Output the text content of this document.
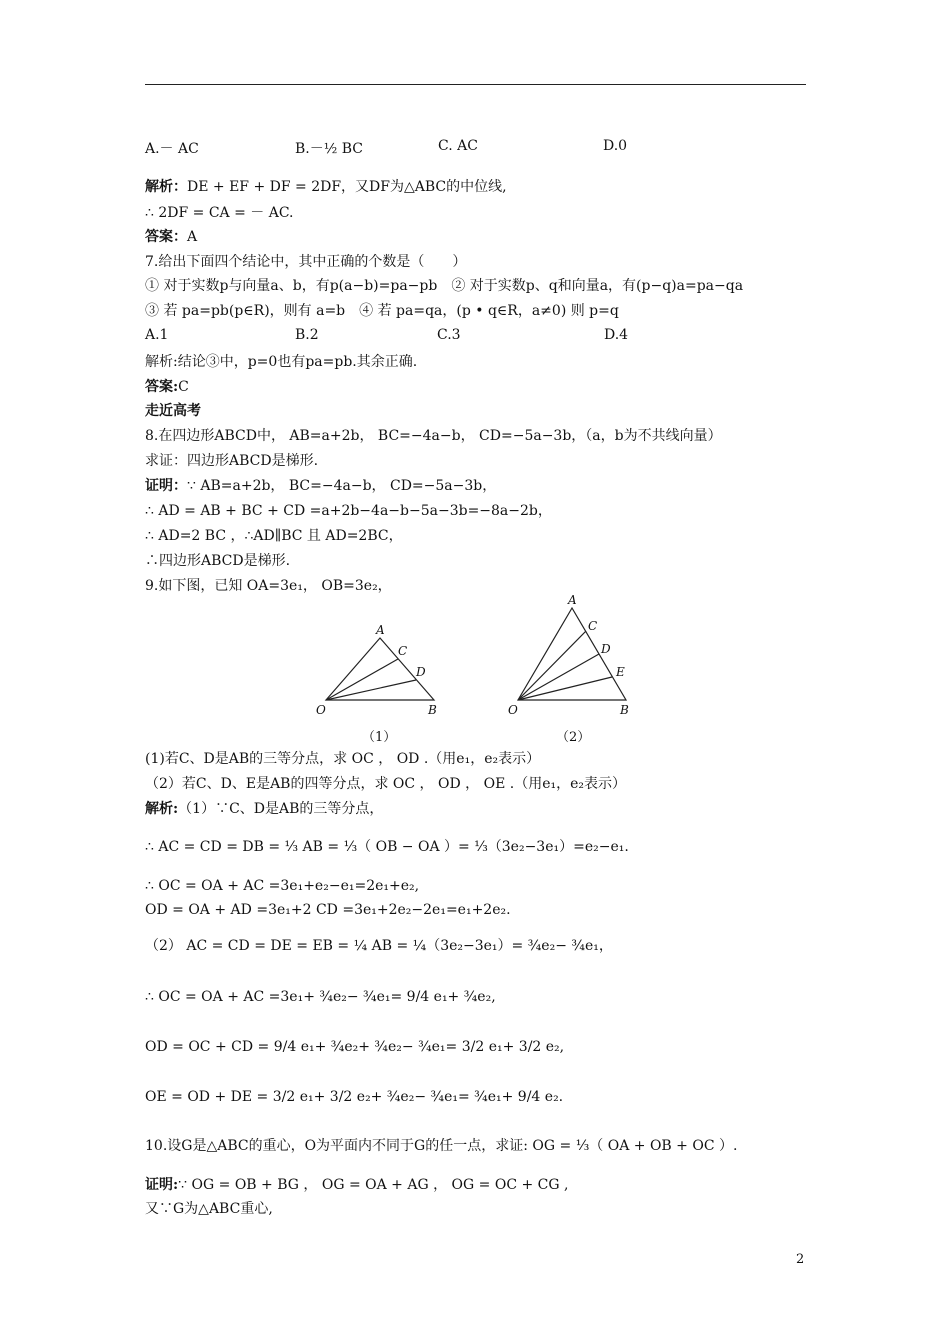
A.－ AC	B.－½ BC	C. AC	D.0
解析：DE + EF + DF = 2DF，又DF为△ABC的中位线,
∴ 2DF = CA = － AC.
答案：A
7.给出下面四个结论中，其中正确的个数是（　　）
① 对于实数p与向量a、b，有p(a−b)=pa−pb　② 对于实数p、q和向量a，有(p−q)a=pa−qa
③ 若 pa=pb(p∈R)，则有 a=b　④ 若 pa=qa，(p • q∈R，a≠0) 则 p=q
A.1	B.2	C.3	D.4
解析:结论③中，p=0也有pa=pb.其余正确.
答案:C
走近高考
8.在四边形ABCD中， AB=a+2b， BC=−4a−b， CD=−5a−3b，（a，b为不共线向量）
求证：四边形ABCD是梯形.
证明：∵ AB=a+2b， BC=−4a−b， CD=−5a−3b，
∴ AD = AB + BC + CD =a+2b−4a−b−5a−3b=−8a−2b，
∴ AD=2 BC ，∴AD∥BC 且 AD=2BC，
∴四边形ABCD是梯形.
9.如下图，已知 OA=3e₁， OB=3e₂，
A
C
D
O	B
（1）
A
C
D
E
O	B
（2）
(1)若C、D是AB的三等分点，求 OC ， OD .（用e₁，e₂表示）
（2）若C、D、E是AB的四等分点，求 OC ， OD ， OE .（用e₁，e₂表示）
解析:（1）∵C、D是AB的三等分点，
∴ AC = CD = DB = ⅓ AB = ⅓（ OB − OA ）= ⅓（3e₂−3e₁）=e₂−e₁.
∴ OC = OA + AC =3e₁+e₂−e₁=2e₁+e₂,
OD = OA + AD =3e₁+2 CD =3e₁+2e₂−2e₁=e₁+2e₂.
（2） AC = CD = DE = EB = ¼ AB = ¼（3e₂−3e₁）= ¾e₂− ¾e₁，
∴ OC = OA + AC =3e₁+ ¾e₂− ¾e₁= 9/4 e₁+ ¾e₂,
OD = OC + CD = 9/4 e₁+ ¾e₂+ ¾e₂− ¾e₁= 3/2 e₁+ 3/2 e₂,
OE = OD + DE = 3/2 e₁+ 3/2 e₂+ ¾e₂− ¾e₁= ¾e₁+ 9/4 e₂.
10.设G是△ABC的重心，O为平面内不同于G的任一点，求证: OG = ⅓（ OA + OB + OC ）.
证明:∵ OG = OB + BG ， OG = OA + AG ， OG = OC + CG ,
又∵G为△ABC重心,
2
